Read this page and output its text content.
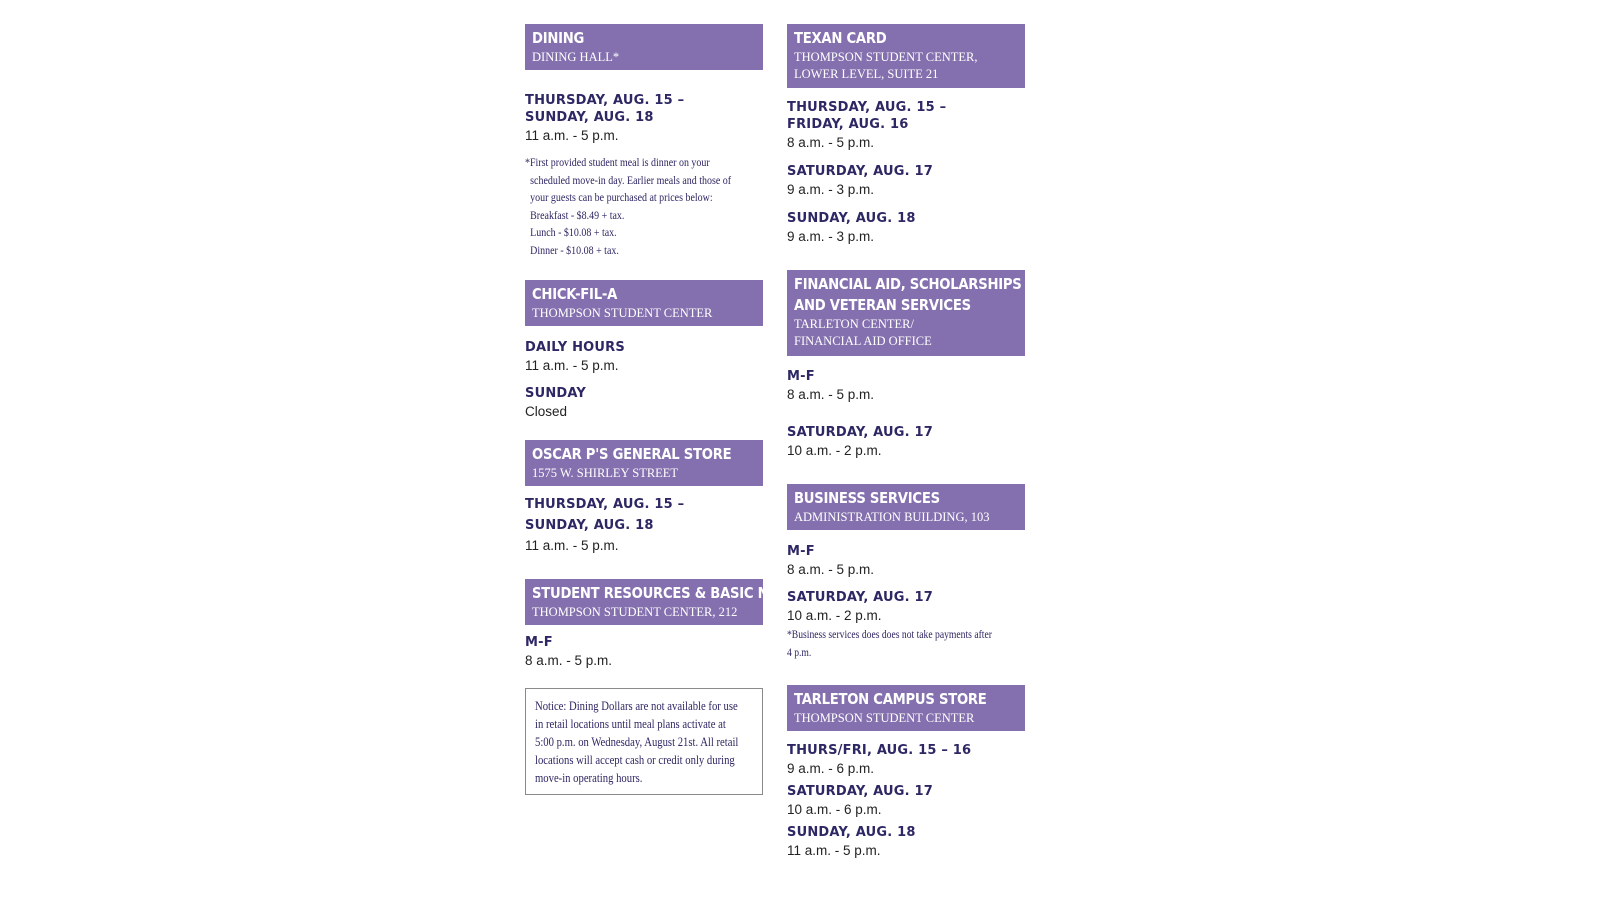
DINING
DINING HALL*
THURSDAY, AUG. 15 –
SUNDAY, AUG. 18
11 a.m. - 5 p.m.
*First provided student meal is dinner on your
scheduled move-in day. Earlier meals and those of
your guests can be purchased at prices below:
Breakfast - $8.49 + tax.
Lunch - $10.08 + tax.
Dinner - $10.08 + tax.
CHICK-FIL-A
THOMPSON STUDENT CENTER
DAILY HOURS
11 a.m. - 5 p.m.
SUNDAY
Closed
OSCAR P'S GENERAL STORE
1575 W. SHIRLEY STREET
THURSDAY, AUG. 15 –
SUNDAY, AUG. 18
11 a.m. - 5 p.m.
STUDENT RESOURCES & BASIC NEEDS
THOMPSON STUDENT CENTER, 212
M-F
8 a.m. - 5 p.m.
Notice: Dining Dollars are not available for use
in retail locations until meal plans activate at
5:00 p.m. on Wednesday, August 21st. All retail
locations will accept cash or credit only during
move-in operating hours.
TEXAN CARD
THOMPSON STUDENT CENTER,
LOWER LEVEL, SUITE 21
THURSDAY, AUG. 15 –
FRIDAY, AUG. 16
8 a.m. - 5 p.m.
SATURDAY, AUG. 17
9 a.m. - 3 p.m.
SUNDAY, AUG. 18
9 a.m. - 3 p.m.
FINANCIAL AID, SCHOLARSHIPS
AND VETERAN SERVICES
TARLETON CENTER/
FINANCIAL AID OFFICE
M-F
8 a.m. - 5 p.m.
SATURDAY, AUG. 17
10 a.m. - 2 p.m.
BUSINESS SERVICES
ADMINISTRATION BUILDING, 103
M-F
8 a.m. - 5 p.m.
SATURDAY, AUG. 17
10 a.m. - 2 p.m.
*Business services does does not take payments after
4 p.m.
TARLETON CAMPUS STORE
THOMPSON STUDENT CENTER
THURS/FRI, AUG. 15 – 16
9 a.m. - 6 p.m.
SATURDAY, AUG. 17
10 a.m. - 6 p.m.
SUNDAY, AUG. 18
11 a.m. - 5 p.m.
